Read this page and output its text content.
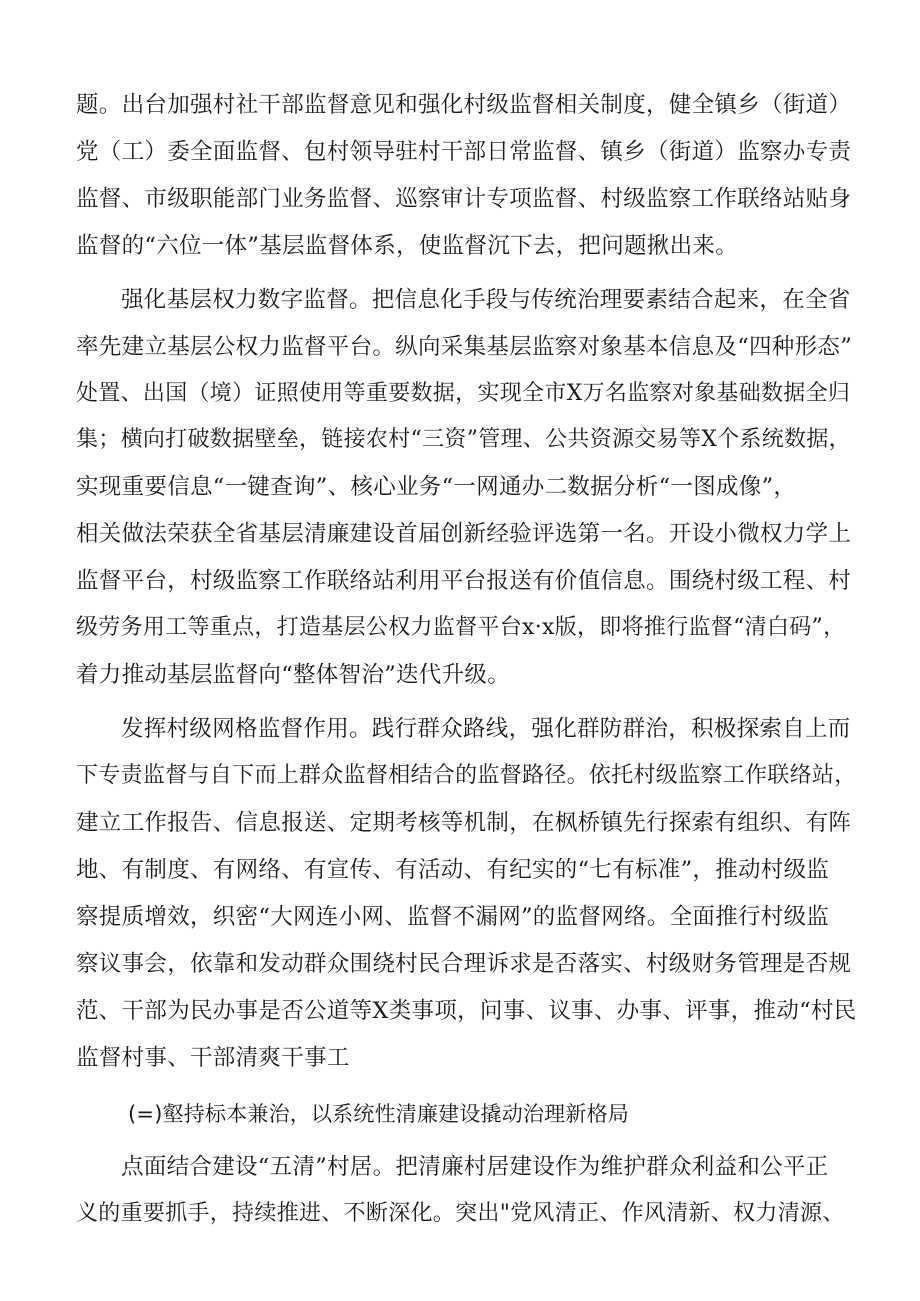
题。出台加强村社干部监督意见和强化村级监督相关制度，健全镇乡（街道）
党（工）委全面监督、包村领导驻村干部日常监督、镇乡（街道）监察办专责
监督、市级职能部门业务监督、巡察审计专项监督、村级监察工作联络站贴身
监督的“六位一体”基层监督体系，使监督沉下去，把问题揪出来。
强化基层权力数字监督。把信息化手段与传统治理要素结合起来，在全省
率先建立基层公权力监督平台。纵向采集基层监察对象基本信息及“四种形态”
处置、出国（境）证照使用等重要数据，实现全市X万名监察对象基础数据全归
集；横向打破数据壁垒，链接农村“三资”管理、公共资源交易等X个系统数据，
实现重要信息“一键查询”、核心业务“一网通办二数据分析“一图成像”，
相关做法荣获全省基层清廉建设首届创新经验评选第一名。开设小微权力学上
监督平台，村级监察工作联络站利用平台报送有价值信息。围绕村级工程、村
级劳务用工等重点，打造基层公权力监督平台x·x版，即将推行监督“清白码”，
着力推动基层监督向“整体智治”迭代升级。
发挥村级网格监督作用。践行群众路线，强化群防群治，积极探索自上而
下专责监督与自下而上群众监督相结合的监督路径。依托村级监察工作联络站，
建立工作报告、信息报送、定期考核等机制，在枫桥镇先行探索有组织、有阵
地、有制度、有网络、有宣传、有活动、有纪实的“七有标准”，推动村级监
察提质增效，织密“大网连小网、监督不漏网”的监督网络。全面推行村级监
察议事会，依靠和发动群众围绕村民合理诉求是否落实、村级财务管理是否规
范、干部为民办事是否公道等X类事项，问事、议事、办事、评事，推动“村民
监督村事、干部清爽干事工
(=)壑持标本兼治，以系统性清廉建设撬动治理新格局
点面结合建设“五清”村居。把清廉村居建设作为维护群众利益和公平正
义的重要抓手，持续推进、不断深化。突出"党风清正、作风清新、权力清源、
